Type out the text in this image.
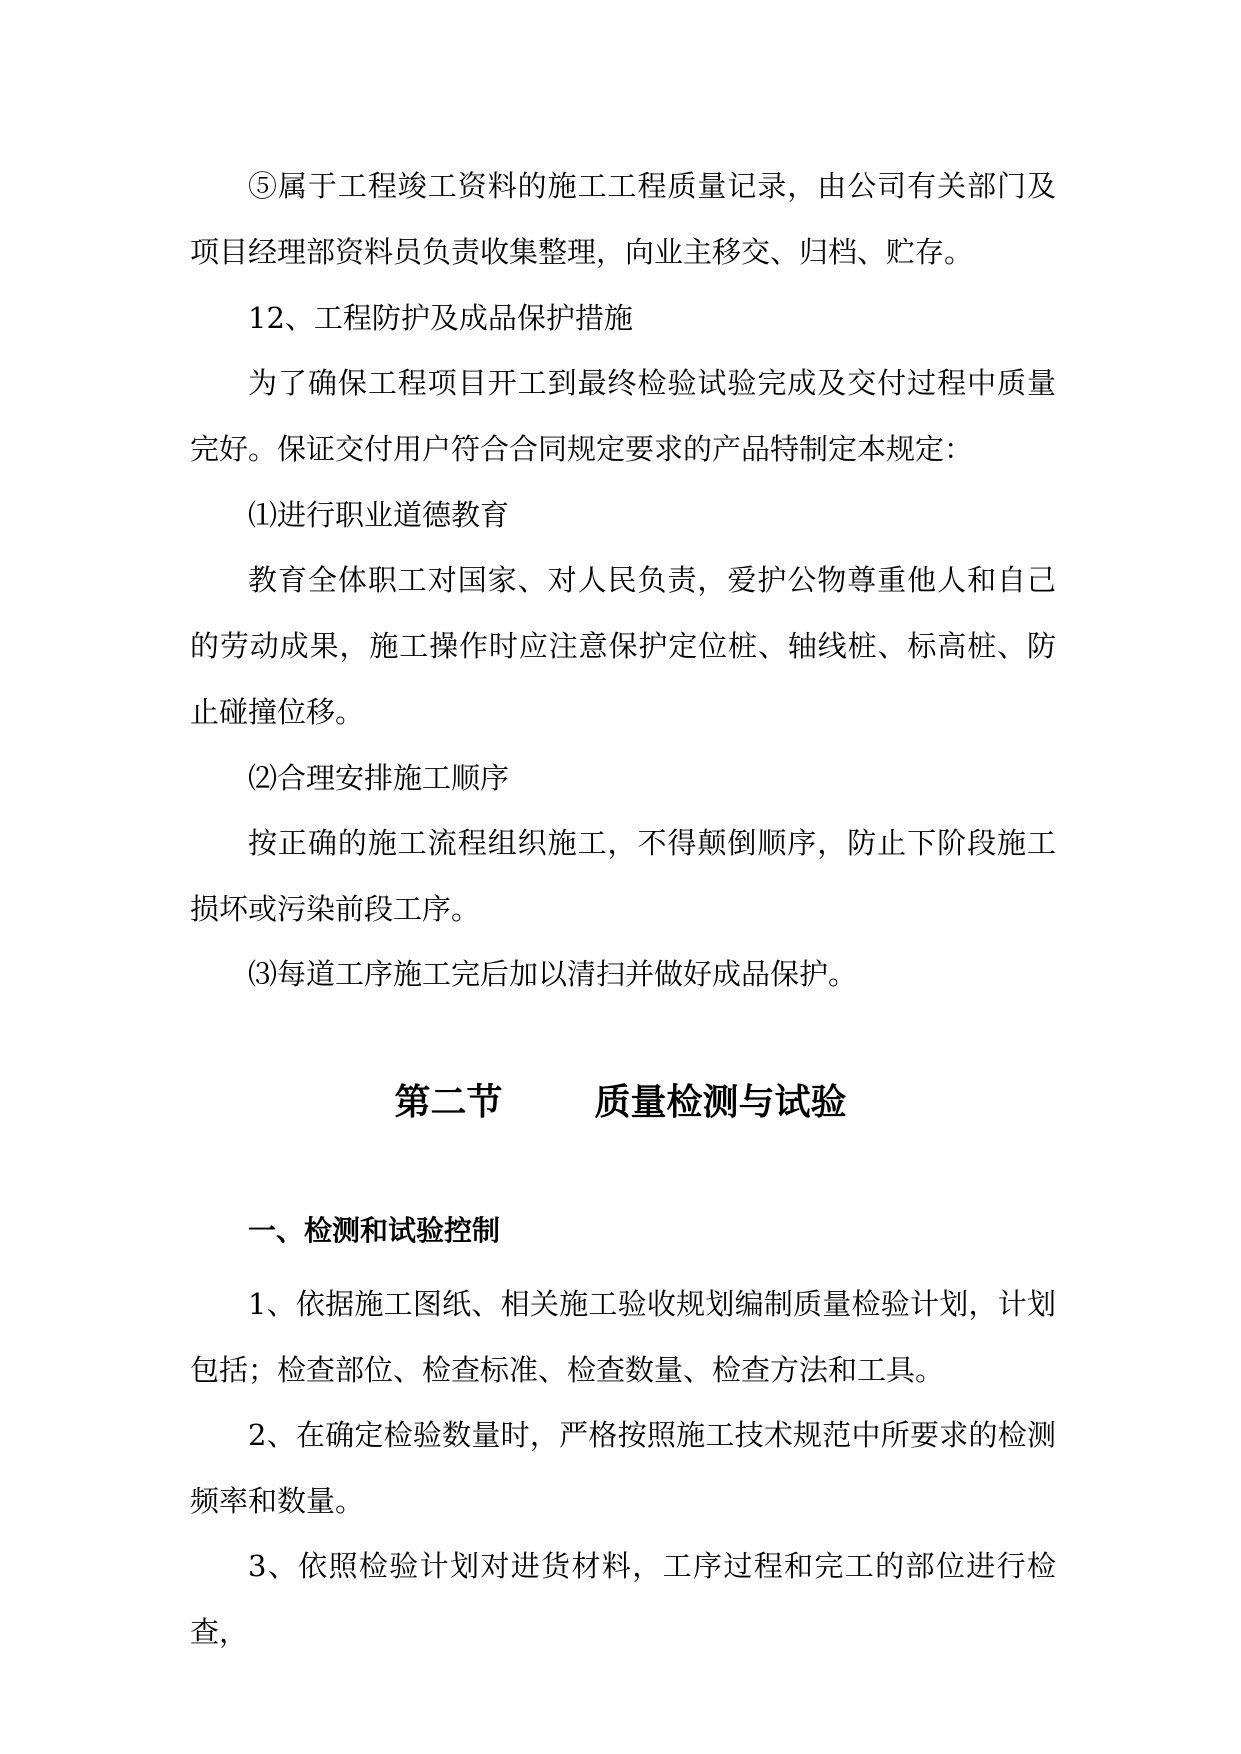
⑤属于工程竣工资料的施工工程质量记录，由公司有关部门及项目经理部资料员负责收集整理，向业主移交、归档、贮存。

12、工程防护及成品保护措施

为了确保工程项目开工到最终检验试验完成及交付过程中质量完好。保证交付用户符合合同规定要求的产品特制定本规定：

⑴进行职业道德教育

教育全体职工对国家、对人民负责，爱护公物尊重他人和自己的劳动成果，施工操作时应注意保护定位桩、轴线桩、标高桩、防止碰撞位移。

⑵合理安排施工顺序

按正确的施工流程组织施工，不得颠倒顺序，防止下阶段施工损坏或污染前段工序。

⑶每道工序施工完后加以清扫并做好成品保护。

第二节	质量检测与试验
一、检测和试验控制

1、依据施工图纸、相关施工验收规划编制质量检验计划，计划包括；检查部位、检查标准、检查数量、检查方法和工具。

2、在确定检验数量时，严格按照施工技术规范中所要求的检测频率和数量。

3、依照检验计划对进货材料，工序过程和完工的部位进行检查，
